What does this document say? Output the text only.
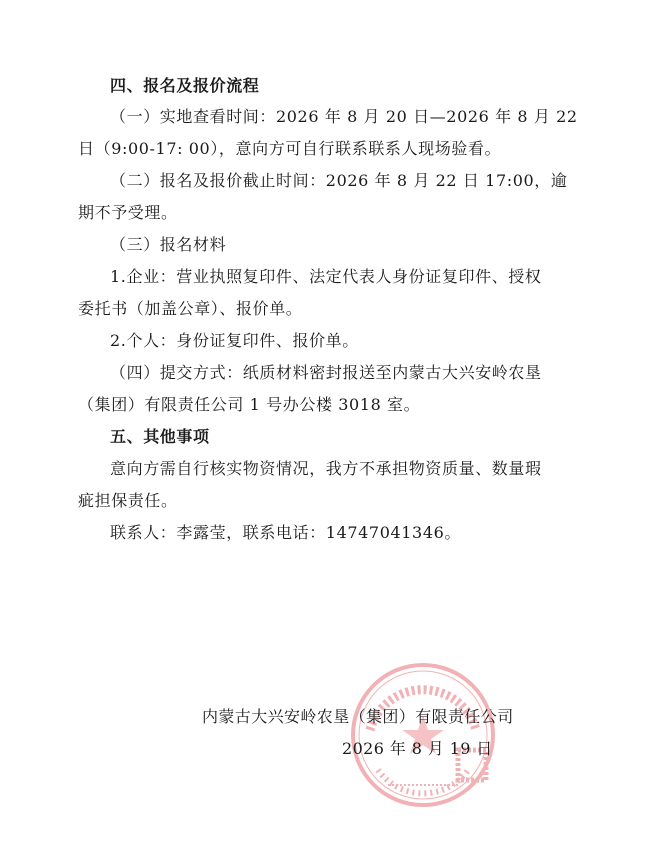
四、报名及报价流程
（一）实地查看时间：2026 年 8 月 20 日—2026 年 8 月 22
日（9:00-17: 00），意向方可自行联系联系人现场验看。
（二）报名及报价截止时间：2026 年 8 月 22 日 17:00，逾
期不予受理。
（三）报名材料
1.企业：营业执照复印件、法定代表人身份证复印件、授权
委托书（加盖公章）、报价单。
2.个人：身份证复印件、报价单。
（四）提交方式：纸质材料密封报送至内蒙古大兴安岭农垦
（集团）有限责任公司 1 号办公楼 3018 室。
五、其他事项
意向方需自行核实物资情况，我方不承担物资质量、数量瑕
疵担保责任。
联系人：李露莹，联系电话：14747041346。
内蒙古大兴安岭农垦（集团）有限责任公司
2026 年 8 月 19 日
